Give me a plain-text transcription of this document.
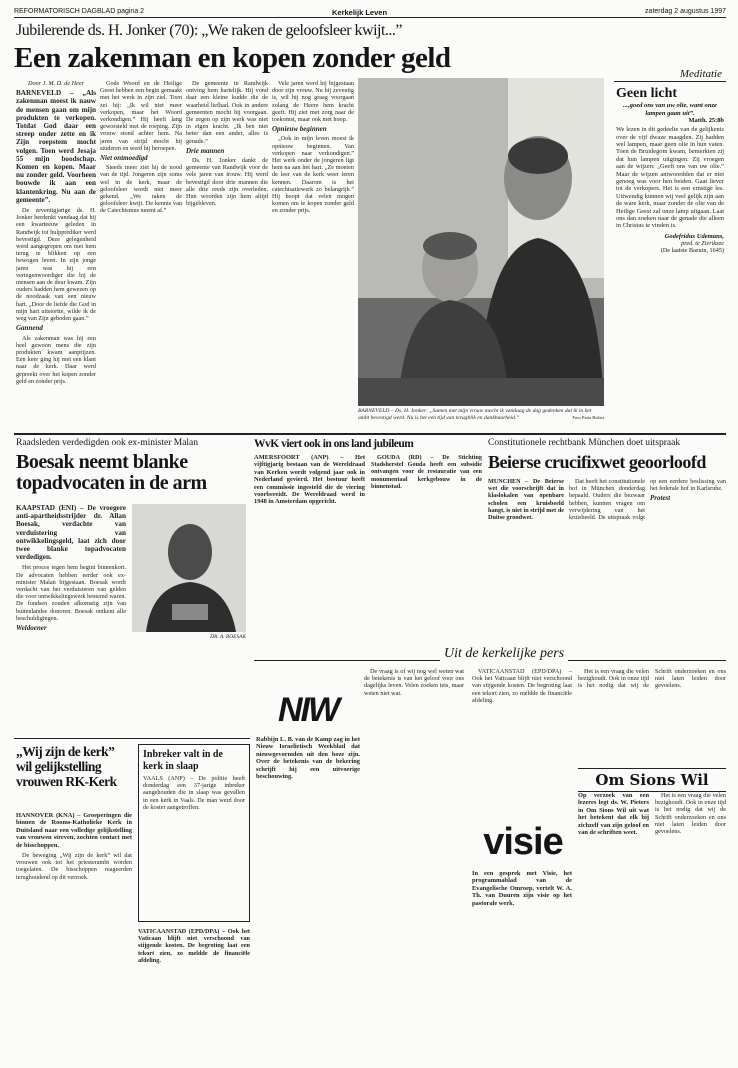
REFORMATORISCH DAGBLAD pagina 2	Kerkelijk Leven	zaterdag 2 augustus 1997
Jubilerende ds. H. Jonker (70): „We raken de geloofsleer kwijt...”
Een zakenman en kopen zonder geld
Door J. M. D. de Heer
BARNEVELD – „Als zakenman moest ik nauw de mensen gaan om mijn produkten te verkopen. Totdat God daar een streep onder zette en ik Zijn roepstem mocht volgen. Toen werd Jesaja 55 mijn boodschap. Komen en kopen. Maar nu zonder geld. Voorheen bouwde ik aan een klantenkring. Nu aan de gemeente”.

De zeventigjarige ds. H. Jonker herdenkt vandaag dat hij een kwarteeuw geleden in Randwijk tot hulpprediker werd bevestigd. Deze gelegenheid werd aangegrepen om met hem terug te blikken op een bewogen leven. In zijn jonge jaren was hij een vertegenwoordiger die bij de mensen aan de deur kwam. Zijn ouders hadden hem gewezen op de noodzaak van een nieuw hart. „Door de liefde die God in mijn hart uitstortte, wilde ik de weg van Zijn geboden gaan.”

Gannend

Als zakenman was hij een heel gewoon mens die zijn produkten kwam aanprijzen. Een keer ging hij met een klant naar de kerk. Daar werd gepreekt over het kopen zonder geld en zonder prijs.

Gods Woord en de Heilige Geest hebben een begin gemaakt met het werk in zijn ziel. Toen zei hij: „Ik wil niet meer verkopen, maar het Woord verkondigen.” Hij heeft lang geworsteld met de roeping. Zijn vrouw stond achter hem. Na jaren van strijd mocht hij studeren en werd hij beroepen.

Niet ontmoedigd

Steeds meer ziet hij de nood van de tijd. Jongeren zijn soms wel in de kerk, maar de geloofsleer wordt niet meer gekend. „We raken de geloofsleer kwijt. De kennis van de Catechismus neemt af.”

De gemeente in Randwijk ontving hem hartelijk. Hij vond daar een kleine kudde die de waarheid liefhad. Ook in andere gemeenten mocht hij voorgaan. De zegen op zijn werk was niet in eigen kracht. „Ik ben niet beter dan een ander, alles is genade.”

Drie mannen

Ds. H. Jonker dankt de gemeente van Randwijk voor de vele jaren van trouw. Hij werd bevestigd door drie mannen die alle drie reeds zijn overleden. Hun woorden zijn hem altijd bijgebleven.

Vele jaren werd hij bijgestaan door zijn vrouw. Nu hij zeventig is, wil hij nog graag voorgaan zolang de Heere hem kracht geeft. Hij ziet met zorg naar de toekomst, maar ook met hoop.

Opnieuw beginnen

„Ook in mijn leven moest ik opnieuw beginnen. Van verkopen naar verkondigen.” Het werk onder de jongeren ligt hem na aan het hart. „Ze moeten de leer van de kerk weer leren kennen. Daarom is het catechisatiewerk zo belangrijk.” Hij hoopt dat velen mogen komen om te kopen zonder geld en zonder prijs.

BARNEVELD – Ds. H. Jonker: „Samen met mijn vrouw mocht ik vandaag de dag gedenken dat ik in het ambt bevestigd werd. Nu is het een tijd van terugblik en dankbaarheid.”	Foto Patta Bisbet
Meditatie
Geen licht
...,goed ons van uw olie, want onze lampen gaan uit”.
Matth. 25:8b
We lezen in dit gedeelte van de gelijkenis over de vijf dwaze maagden. Zij hadden wel lampen, maar geen olie in hun vaten. Toen de Bruidegom kwam, bemerkten zij dat hun lampen uitgingen. Zij vroegen aan de wijzen: „Geeft ons van uw olie.” Maar de wijzen antwoordden dat er niet genoeg was voor hen beiden. Gaat liever tot de verkopers. Het is een ernstige les. Uitwendig kunnen wij veel gelijk zijn aan de ware kerk, maar zonder de olie van de Heilige Geest zal onze lamp uitgaan. Laat ons dan zoeken naar de genade die alleen in Christus te vinden is.
Godefridus Udemans,
pred. te Zierikzee
(De laatste Bazuin, 1645)
Raadsleden verdedigden ook ex-minister Malan
Boesak neemt blanke topadvocaten in de arm
KAAPSTAD (ENI) – De vroegere anti-apartheidsstrijder dr. Allan Boesak, verdachte van verduistering van ontwikkelingsgeld, laat zich door twee blanke topadvocaten verdedigen.

Het proces tegen hem begint binnenkort. De advocaten hebben eerder ook ex-minister Malan bijgestaan. Boesak wordt verdacht van het verduisteren van gelden die voor ontwikkelingswerk bestemd waren. De fondsen zouden afkomstig zijn van buitenlandse donoren. Boesak ontkent alle beschuldigingen.

Weldoener
DR. A. BOESAK
WvK viert ook in ons land jubileum
AMERSFOORT (ANP) – Het vijftigjarig bestaan van de Wereldraad van Kerken wordt volgend jaar ook in Nederland gevierd. Het bestuur heeft een commissie ingesteld die de viering voorbereidt. De Wereldraad werd in 1948 in Amsterdam opgericht.

GOUDA (RD) – De Stichting Stadsherstel Gouda heeft een subsidie ontvangen voor de restauratie van een monumentaal kerkgebouw in de binnenstad.

Constitutionele rechtbank München doet uitspraak
Beierse crucifixwet geoorloofd
MÜNCHEN – De Beierse wet die voorschrijft dat in klaslokalen van openbare scholen een kruisbeeld hangt, is niet in strijd met de Duitse grondwet.

Dat heeft het constitutionele hof in München donderdag bepaald. Ouders die bezwaar hebben, kunnen vragen om verwijdering van het kruisbeeld. De uitspraak volgt op een eerdere beslissing van het federale hof in Karlsruhe.

Protest
Uit de kerkelijke pers
NIW
Rabbijn L. B. van de Kamp zag in het Nieuw Israelietisch Weekblad dat nieuwgevormden uit den boze zijn. Over de betekenis van de bekering schrijft hij een uitvoerige beschouwing.

De vraag is of wij nog wel weten wat de betekenis is van het geloof voor ons dagelijks leven. Velen zoeken iets, maar weten niet wat.

visie
In een gesprek met Visie, het programmablad van de Evangelische Omroep, vertelt W. A. Th. van Duuren zijn visie op het pastorale werk.

VATICAANSTAD (EPD/DPA) – Ook het Vaticaan blijft niet verschoond van stijgende kosten. De begroting laat een tekort zien, zo meldde de financiële afdeling.

Om Sions Wil
Op verzoek van een lezeres legt ds. W. Pieters in Om Sions Wil uit wat het betekent dat elk bij zichzelf van zijn geloof en van de schriften weet.

Het is een vraag die velen bezighoudt. Ook in onze tijd is het nodig dat wij de Schrift onderzoeken en ons niet laten leiden door gevoelens.

Het is een vraag die velen bezighoudt. Ook in onze tijd is het nodig dat wij de Schrift onderzoeken en ons niet laten leiden door gevoelens.

„Wij zijn de kerk” wil gelijkstelling vrouwen RK-Kerk
HANNOVER (KNA) – Groeperingen die binnen de Rooms-Katholieke Kerk in Duitsland naar een volledige gelijkstelling van vrouwen streven, zochten contact met de bisschoppen.

De beweging „Wij zijn de kerk” wil dat vrouwen ook tot het priesterambt worden toegelaten. De bisschoppen reageerden terughoudend op dit verzoek.

Inbreker valt in de kerk in slaap
VAALS (ANP) – De politie heeft donderdag een 37-jarige inbreker aangehouden die in slaap was gevallen in een kerk in Vaals. De man werd door de koster aangetroffen.
VATICAANSTAD (EPD/DPA) – Ook het Vaticaan blijft niet verschoond van stijgende kosten. De begroting laat een tekort zien, zo meldde de financiële afdeling.
